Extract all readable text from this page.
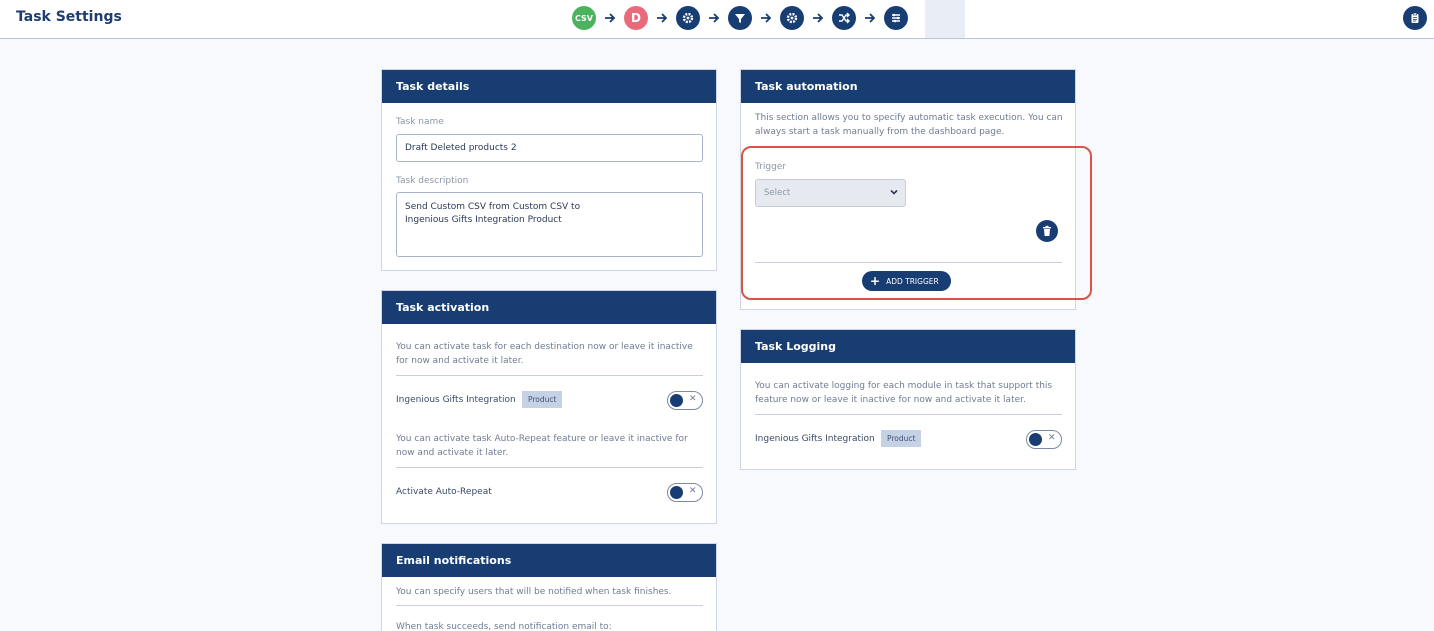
Task Settings	CSV	D
Task details
Task name
Draft Deleted products 2
Task description
Send Custom CSV from Custom CSV to Ingenious Gifts Integration Product
Task activation
You can activate task for each destination now or leave it inactive for now and activate it later.
Ingenious Gifts Integration	Product	✕
You can activate task Auto-Repeat feature or leave it inactive for now and activate it later.
Activate Auto-Repeat	✕
Email notifications
You can specify users that will be notified when task finishes.
When task succeeds, send notification email to:
Task automation
This section allows you to specify automatic task execution. You can always start a task manually from the dashboard page.
Trigger
Select
+ ADD TRIGGER
Task Logging
You can activate logging for each module in task that support this feature now or leave it inactive for now and activate it later.
Ingenious Gifts Integration	Product	✕
